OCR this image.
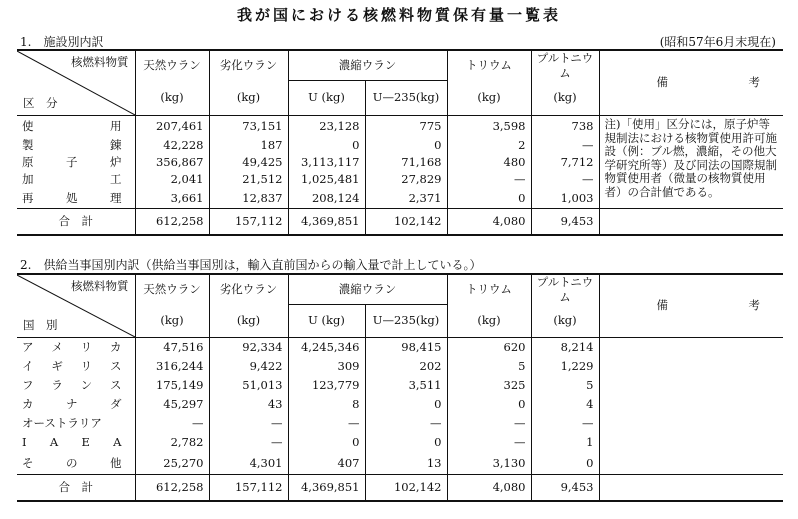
我が国における核燃料物質保有量一覧表
1.　施設別内訳	(昭和57年6月末現在)
核燃料物質
区　分	天然ウラン	劣化ウラン	濃縮ウラン		トリウム	プルトニウム	備 考

	(kg)	(kg)	U (kg)	U—235(kg)	(kg)	(kg)	

使 用	207,461	73,151	23,128	775	3,598	738	注)「使用」区分には，原子炉等規制法における核物質使用許可施設（例：ブル燃，濃縮，その他大学研究所等）及び同法の国際規制物質使用者（微量の核物質使用者）の合計値である。

製 錬	42,228	187	0	0	2	—	

原 子 炉	356,867	49,425	3,113,117	71,168	480	7,712	

加 工	2,041	21,512	1,025,481	27,829	—	—	

再 処 理	3,661	12,837	208,124	2,371	0	1,003	
合　計	612,258	157,112	4,369,851	102,142	4,080	9,453	
2.　供給当事国別内訳（供給当事国別は，輸入直前国からの輸入量で計上している。）
核燃料物質
国　別	天然ウラン	劣化ウラン	濃縮ウラン		トリウム	プルトニウム	備 考

	(kg)	(kg)	U (kg)	U—235(kg)	(kg)	(kg)	

ア メ リ カ	47,516	92,334	4,245,346	98,415	620	8,214	

イ ギ リ ス	316,244	9,422	309	202	5	1,229	

フ ラ ン ス	175,149	51,013	123,779	3,511	325	5	

カ ナ ダ	45,297	43	8	0	0	4	
オーストラリア	—	—	—	—	—	—	

I A E A	2,782	—	0	0	—	1	

そ の 他	25,270	4,301	407	13	3,130	0	
合　計	612,258	157,112	4,369,851	102,142	4,080	9,453	
